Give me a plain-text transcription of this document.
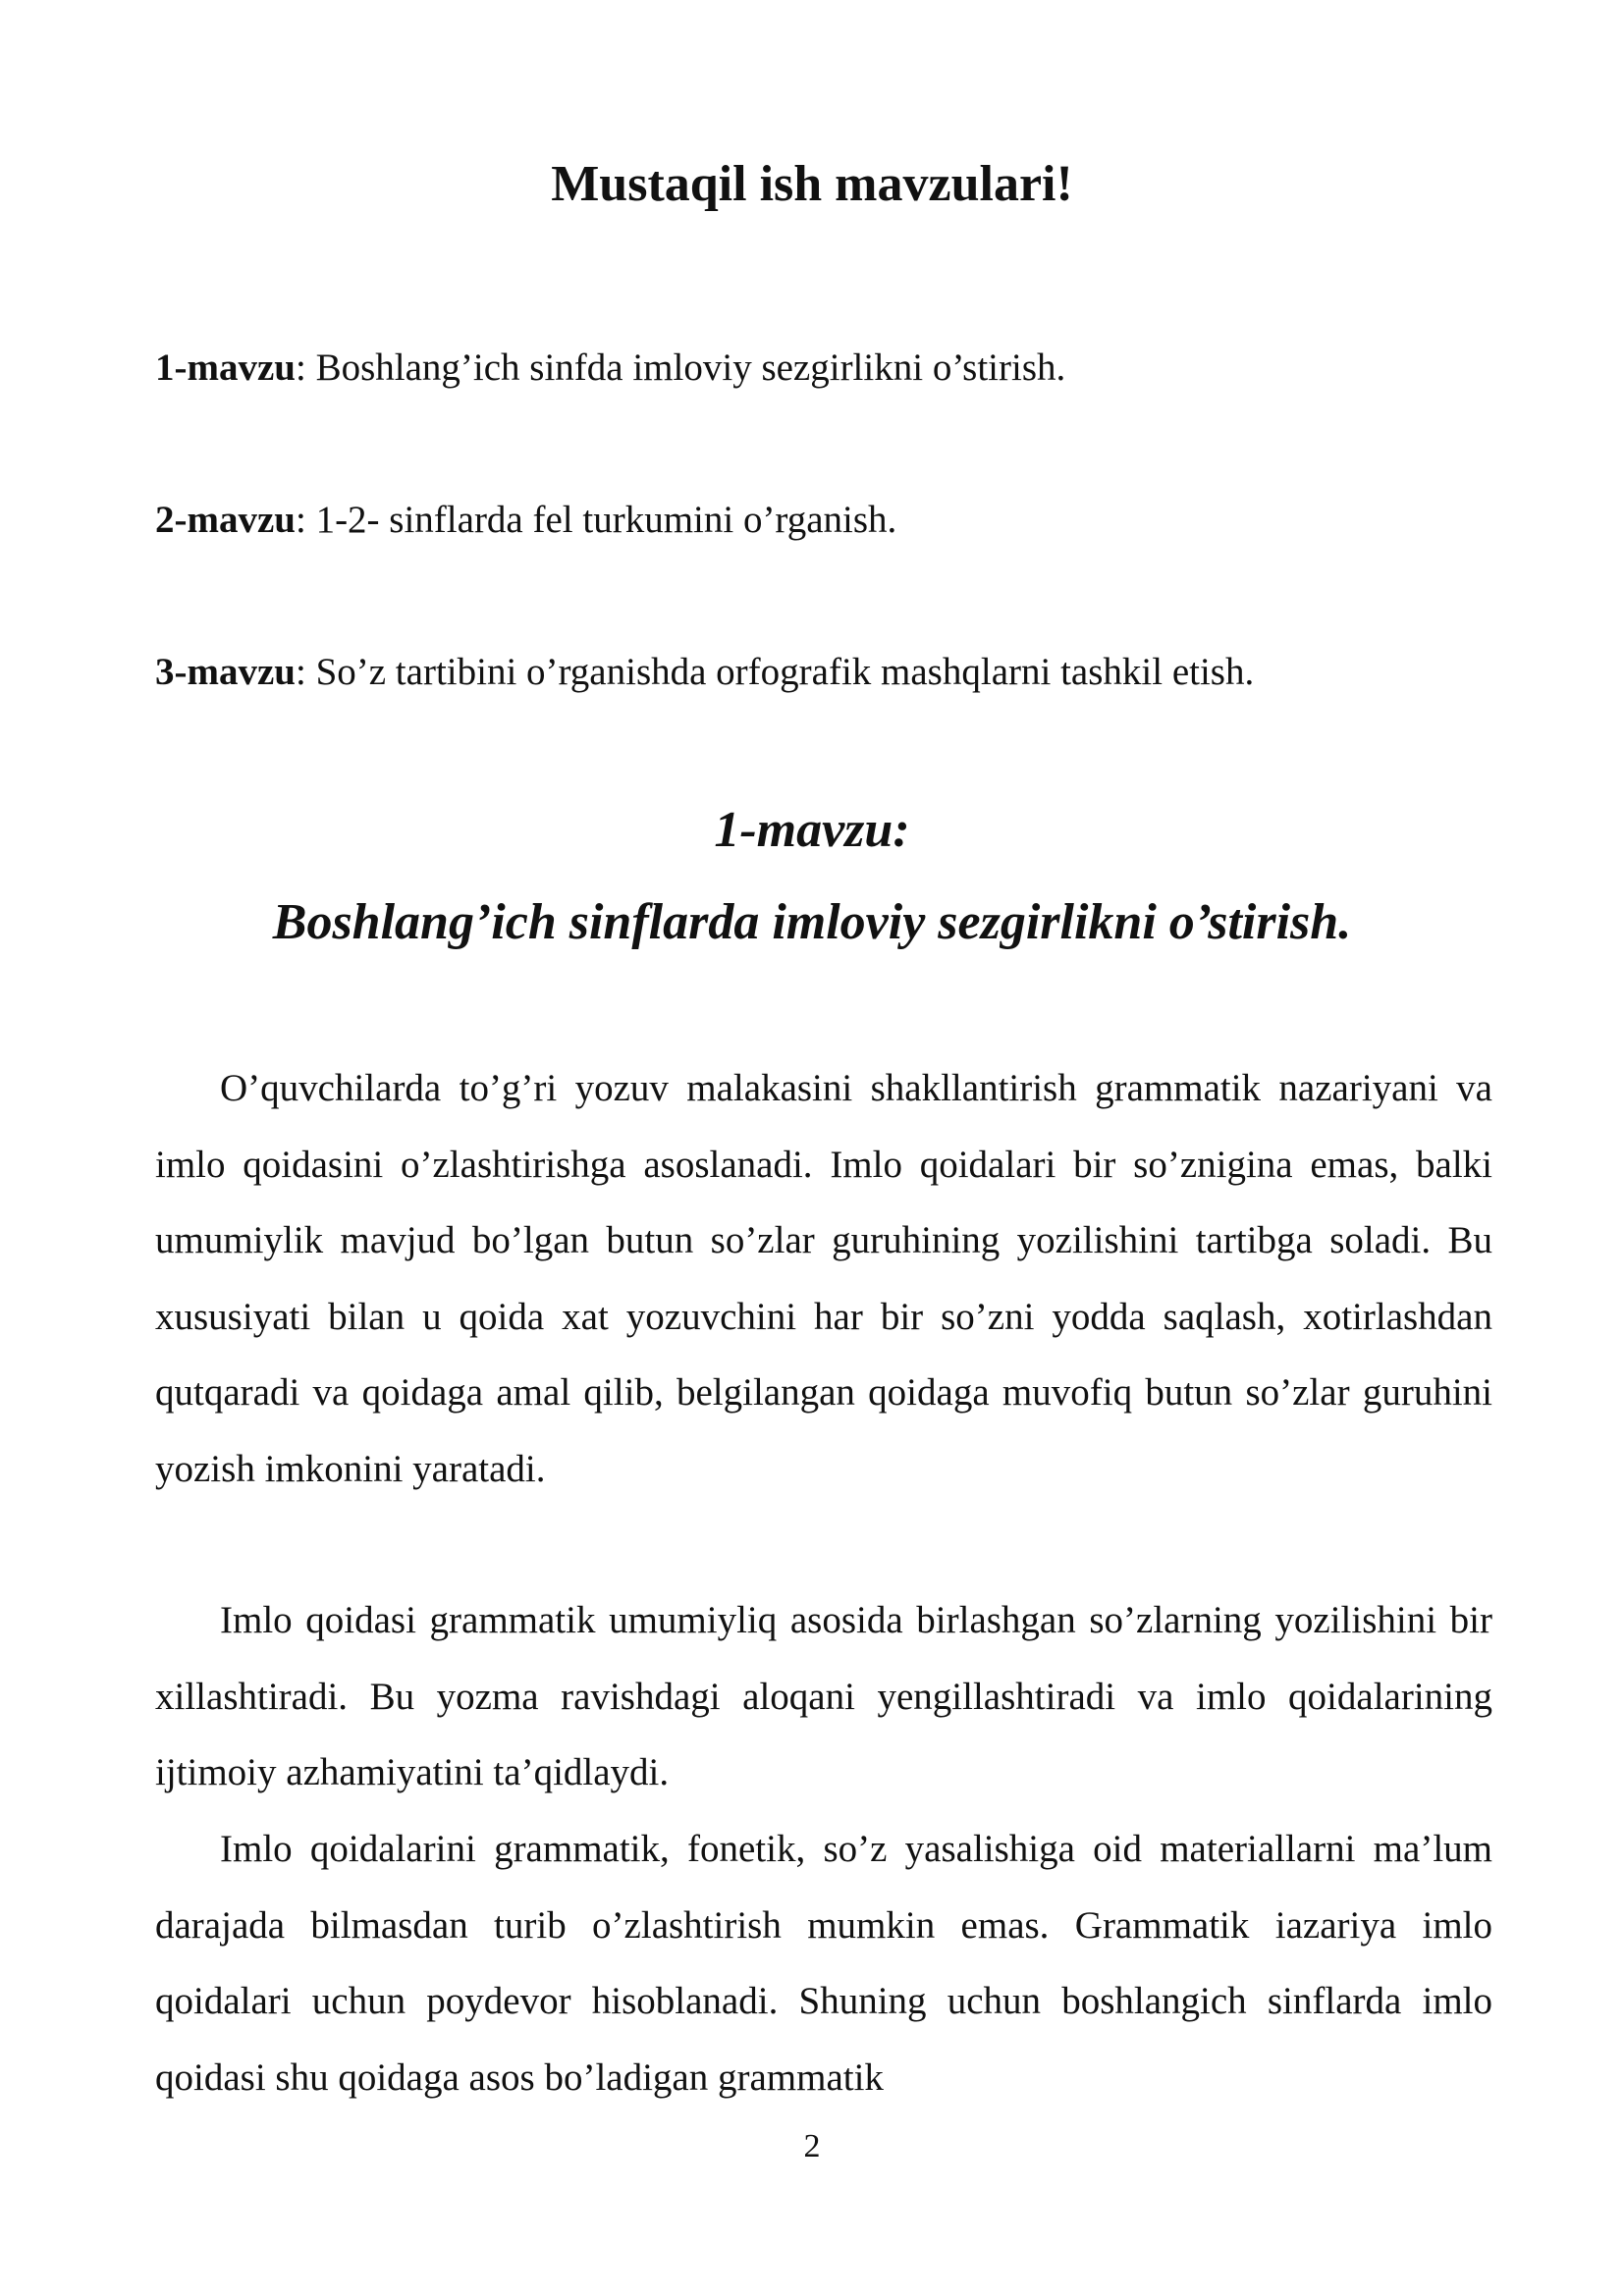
Mustaqil ish mavzulari!

1-mavzu: Boshlang’ich sinfda imloviy sezgirlikni o’stirish.

2-mavzu: 1-2- sinflarda fel turkumini o’rganish.

3-mavzu: So’z tartibini o’rganishda orfografik mashqlarni tashkil etish.

1-mavzu:
Boshlang’ich sinflarda imloviy sezgirlikni o’stirish.

O’quvchilarda to’g’ri yozuv malakasini shakllantirish grammatik nazariyani va imlo qoidasini o’zlashtirishga asoslanadi. Imlo qoidalari bir so’znigina emas, balki umumiylik mavjud bo’lgan butun so’zlar guruhining yozilishini tartibga soladi. Bu xususiyati bilan u qoida xat yozuvchini har bir so’zni yodda saqlash, xotirlashdan qutqaradi va qoidaga amal qilib, belgilangan qoidaga muvofiq butun so’zlar guruhini yozish imkonini yaratadi.

Imlo qoidasi grammatik umumiyliq asosida birlashgan so’zlarning yozilishini bir xillashtiradi. Bu yozma ravishdagi aloqani yengillashtiradi va imlo qoidalarining ijtimoiy azhamiyatini ta’qidlaydi.

Imlo qoidalarini grammatik, fonetik, so’z yasalishiga oid materiallarni ma’lum darajada bilmasdan turib o’zlashtirish mumkin emas. Grammatik iazariya imlo qoidalari uchun poydevor hisoblanadi. Shuning uchun boshlangich sinflarda imlo qoidasi shu qoidaga asos bo’ladigan grammatik

2
